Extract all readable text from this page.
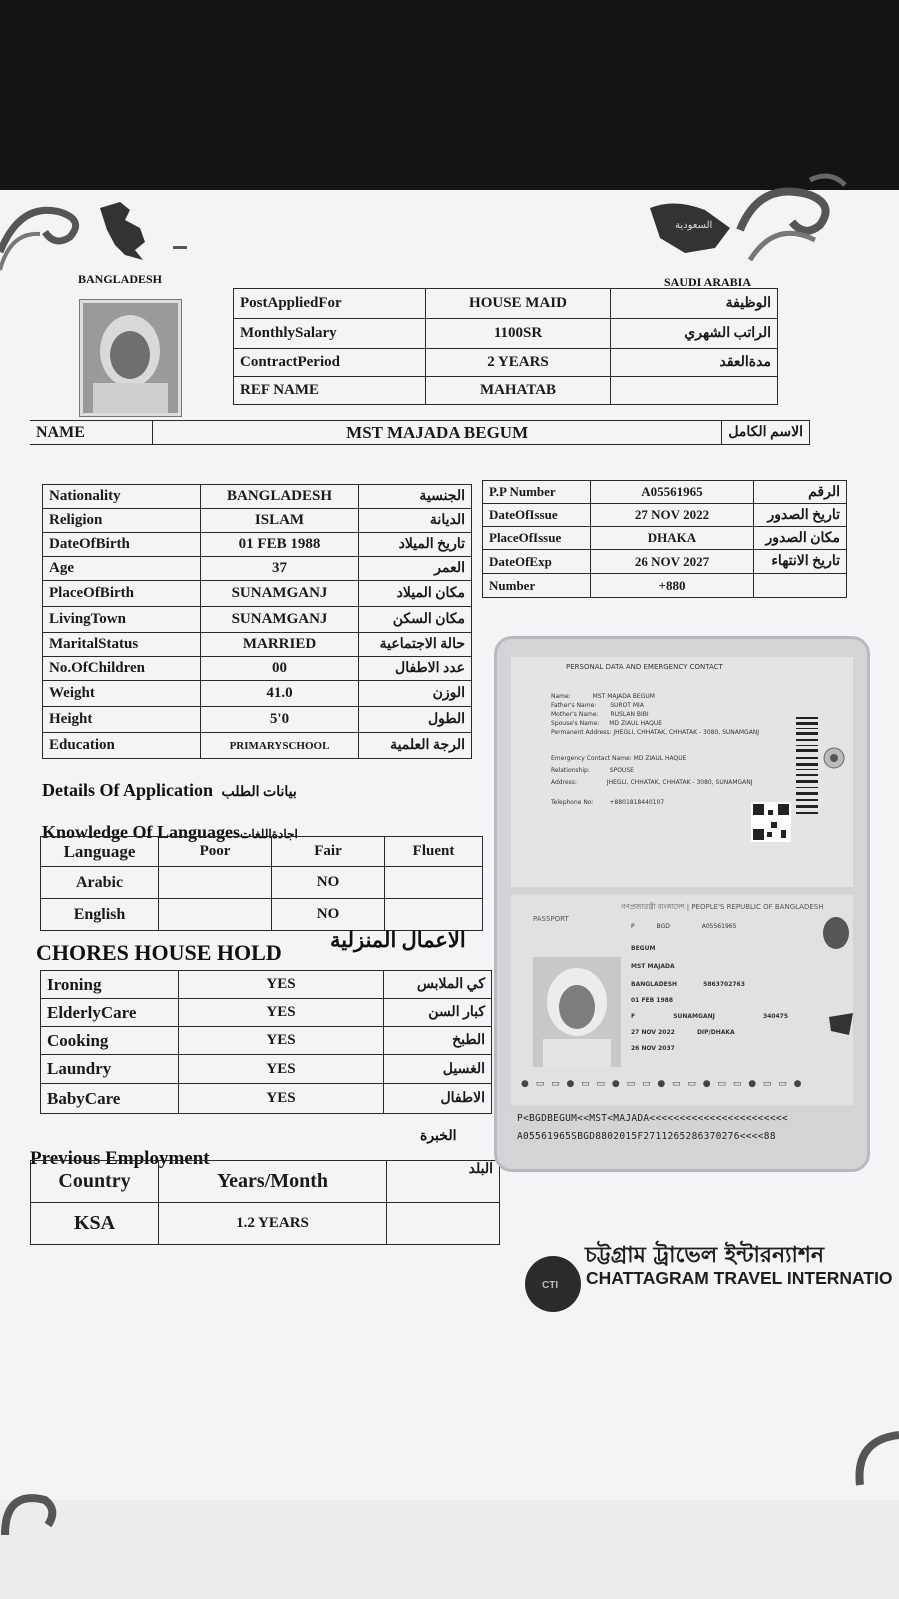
BANGLADESH
السعودية
SAUDI ARABIA
PostAppliedFor	HOUSE MAID	الوظيفة
MonthlySalary	1100SR	الراتب الشهري
ContractPeriod	2 YEARS	مدةالعقد
REF NAME	MAHATAB	
NAME	MST MAJADA BEGUM	الاسم الكامل
Nationality	BANGLADESH	الجنسية
Religion	ISLAM	الديانة
DateOfBirth	01 FEB 1988	تاريخ الميلاد
Age	37	العمر
PlaceOfBirth	SUNAMGANJ	مكان الميلاد
LivingTown	SUNAMGANJ	مكان السكن
MaritalStatus	MARRIED	حالة الاجتماعية
No.OfChildren	00	عدد الاطفال
Weight	41.0	الوزن
Height	5'0	الطول
Education	PRIMARYSCHOOL	الرجة العلمية
P.P Number	A05561965	الرقم
DateOfIssue	27 NOV 2022	تاريخ الصدور
PlaceOfIssue	DHAKA	مكان الصدور
DateOfExp	26 NOV 2027	تاريخ الانتهاء
Number	+880	
Details Of Application بيانات الطلب
Knowledge Of Languagesاجادةاللغات
Language	Poor	Fair	Fluent
Arabic		NO	
English		NO	
CHORES HOUSE HOLD الاعمال المنزلية
Ironing	YES	كي الملابس
ElderlyCare	YES	كبار السن
Cooking	YES	الطبخ
Laundry	YES	الغسيل
BabyCare	YES	الاطفال
Previous Employment
الخبرة
Country	Years/Month	البلد
KSA	1.2 YEARS	
PERSONAL DATA AND EMERGENCY CONTACT
Name:	MST MAJADA BEGUM
Father's Name: SUROT MIA
Mother's Name: RUSLAN BIBI
Spouse's Name: MD ZIAUL HAQUE
Permanent Address: JHEGLI, CHHATAK, CHHATAK - 3080, SUNAMGANJ
Emergency Contact Name: MD ZIAUL HAQUE
Relationship:	SPOUSE
Address:	JHEGLI, CHHATAK, CHHATAK - 3080, SUNAMGANJ
Telephone No:	+8801818440107
গণপ্রজাতন্ত্রী বাংলাদেশ | PEOPLE'S REPUBLIC OF BANGLADESH
PASSPORT
P	BGD	A05561965
BEGUM
MST MAJADA
BANGLADESH	5863702763
01 FEB 1988
F	SUNAMGANJ	340475
27 NOV 2022	DIP/DHAKA
26 NOV 2037
● ▭ ▭ ● ▭ ▭ ● ▭ ▭ ● ▭ ▭ ● ▭ ▭ ● ▭ ▭ ●
P<BGDBEGUM<<MST<MAJADA<<<<<<<<<<<<<<<<<<<<<<<
A05561965SBGD8802015F2711265286370276<<<<88
CTI
চট্টগ্রাম ট্রাভেল ইন্টারন্যাশন
CHATTAGRAM TRAVEL INTERNATIO
